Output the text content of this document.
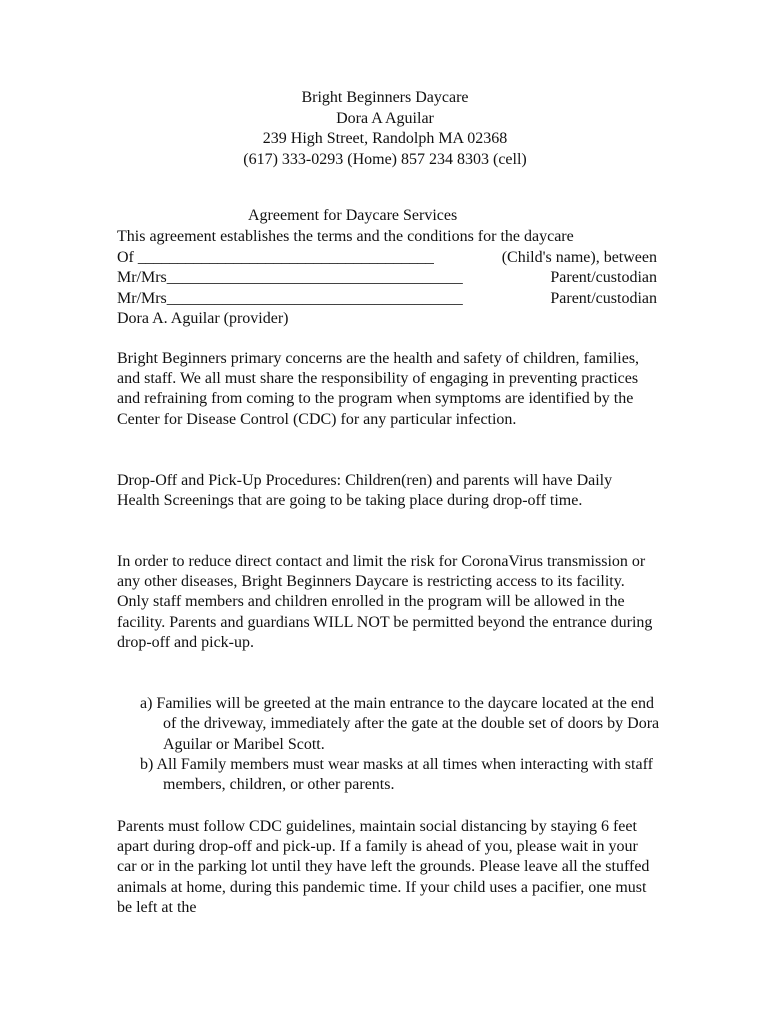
Bright Beginners Daycare
Dora A Aguilar
239 High Street, Randolph MA 02368
(617) 333-0293 (Home) 857 234 8303 (cell)
Agreement for Daycare Services
This agreement establishes the terms and the conditions for the daycare
Of _____________________________________	(Child's name), between
Mr/Mrs_____________________________________	Parent/custodian
Mr/Mrs_____________________________________	Parent/custodian
Dora A. Aguilar (provider)
Bright Beginners primary concerns are the health and safety of children, families, and staff. We all must share the responsibility of engaging in preventing practices and refraining from coming to the program when symptoms are identified by the Center for Disease Control (CDC) for any particular infection.
Drop-Off and Pick-Up Procedures: Children(ren) and parents will have Daily Health Screenings that are going to be taking place during drop-off time.
In order to reduce direct contact and limit the risk for CoronaVirus transmission or any other diseases, Bright Beginners Daycare is restricting access to its facility. Only staff members and children enrolled in the program will be allowed in the facility. Parents and guardians WILL NOT be permitted beyond the entrance during drop-off and pick-up.
a) Families will be greeted at the main entrance to the daycare located at the end of the driveway, immediately after the gate at the double set of doors by Dora Aguilar or Maribel Scott.
b) All Family members must wear masks at all times when interacting with staff members, children, or other parents.
Parents must follow CDC guidelines, maintain social distancing by staying 6 feet apart during drop-off and pick-up. If a family is ahead of you, please wait in your car or in the parking lot until they have left the grounds. Please leave all the stuffed animals at home, during this pandemic time. If your child uses a pacifier, one must be left at the
